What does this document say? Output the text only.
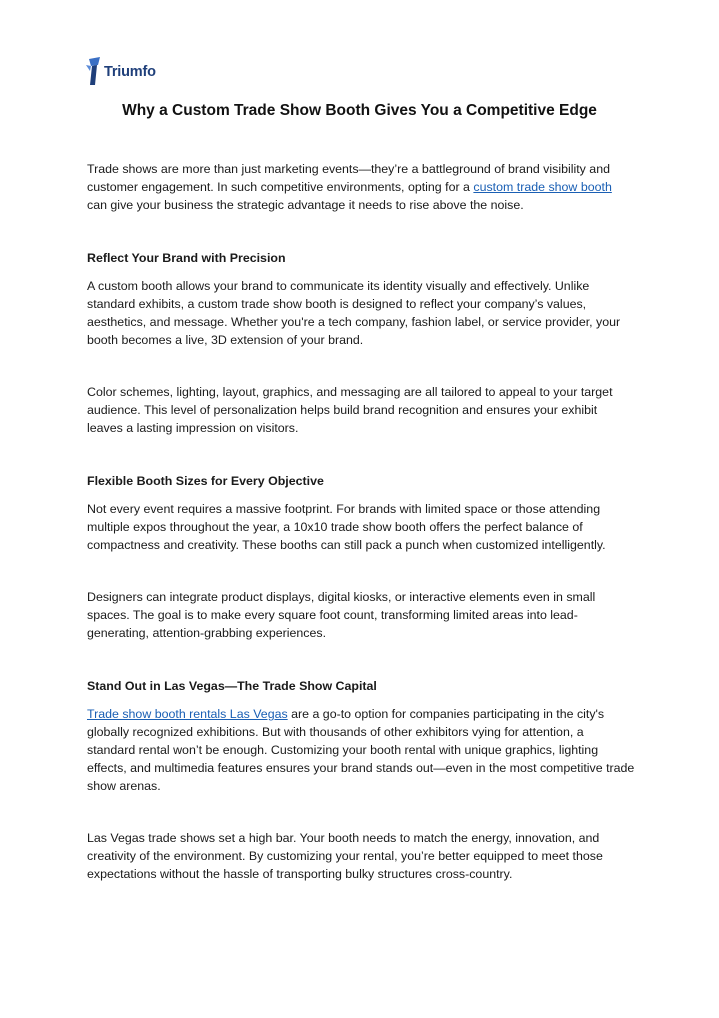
Triumfo
Why a Custom Trade Show Booth Gives You a Competitive Edge

Trade shows are more than just marketing events—they’re a battleground of brand visibility and customer engagement. In such competitive environments, opting for a custom trade show booth can give your business the strategic advantage it needs to rise above the noise.

Reflect Your Brand with Precision

A custom booth allows your brand to communicate its identity visually and effectively. Unlike standard exhibits, a custom trade show booth is designed to reflect your company’s values, aesthetics, and message. Whether you're a tech company, fashion label, or service provider, your booth becomes a live, 3D extension of your brand.

Color schemes, lighting, layout, graphics, and messaging are all tailored to appeal to your target audience. This level of personalization helps build brand recognition and ensures your exhibit leaves a lasting impression on visitors.

Flexible Booth Sizes for Every Objective

Not every event requires a massive footprint. For brands with limited space or those attending multiple expos throughout the year, a 10x10 trade show booth offers the perfect balance of compactness and creativity. These booths can still pack a punch when customized intelligently.

Designers can integrate product displays, digital kiosks, or interactive elements even in small spaces. The goal is to make every square foot count, transforming limited areas into lead-generating, attention-grabbing experiences.

Stand Out in Las Vegas—The Trade Show Capital

Trade show booth rentals Las Vegas are a go-to option for companies participating in the city's globally recognized exhibitions. But with thousands of other exhibitors vying for attention, a standard rental won’t be enough. Customizing your booth rental with unique graphics, lighting effects, and multimedia features ensures your brand stands out—even in the most competitive trade show arenas.

Las Vegas trade shows set a high bar. Your booth needs to match the energy, innovation, and creativity of the environment. By customizing your rental, you’re better equipped to meet those expectations without the hassle of transporting bulky structures cross-country.
